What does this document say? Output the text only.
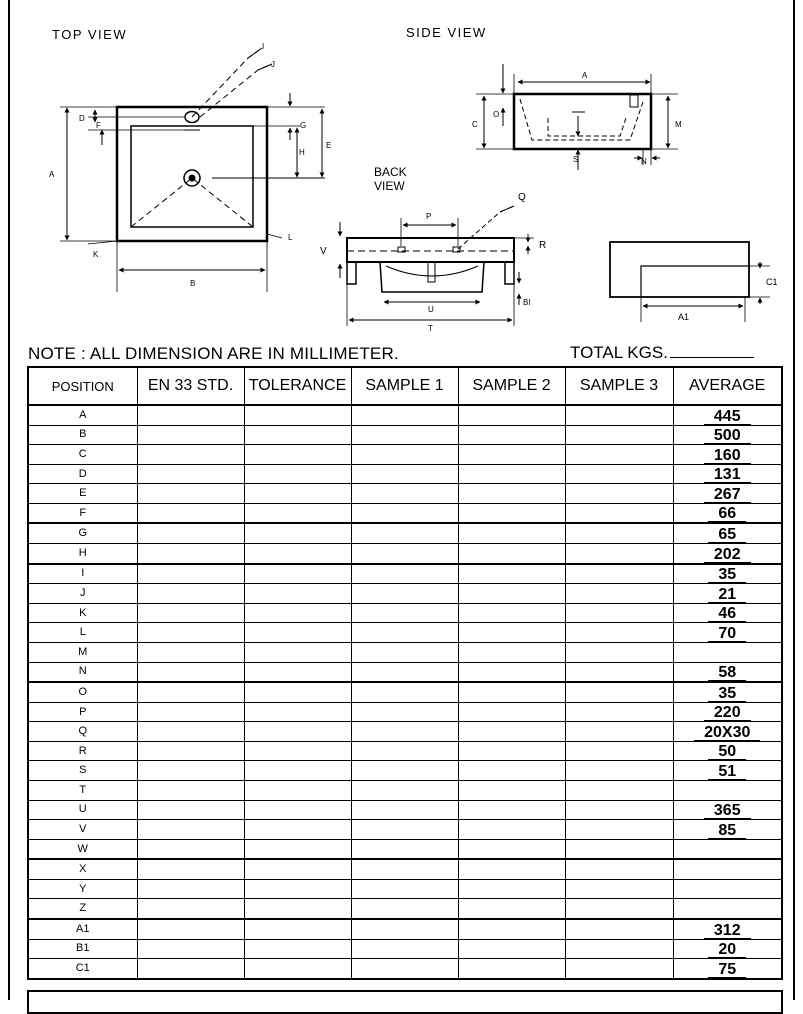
TOP VIEW	SIDE VIEW
BACK
VIEW
A
B
D
F	G
H
E
I
J
K
L
A
C
O
M
S	N
P
Q
R
V
U
T
BI
C1
A1
NOTE : ALL DIMENSION ARE IN MILLIMETER.	TOTAL KGS.
POSITION	EN 33 STD.	TOLERANCE	SAMPLE 1	SAMPLE 2	SAMPLE 3	AVERAGE
A						445
B						500
C						160
D						131
E						267
F						66
G						65
H						202
I						35
J						21
K						46
L						70
M						
N						58
O						35
P						220
Q						20X30
R						50
S						51
T						
U						365
V						85
W						
X						
Y						
Z						
A1						312
B1						20
C1						75
